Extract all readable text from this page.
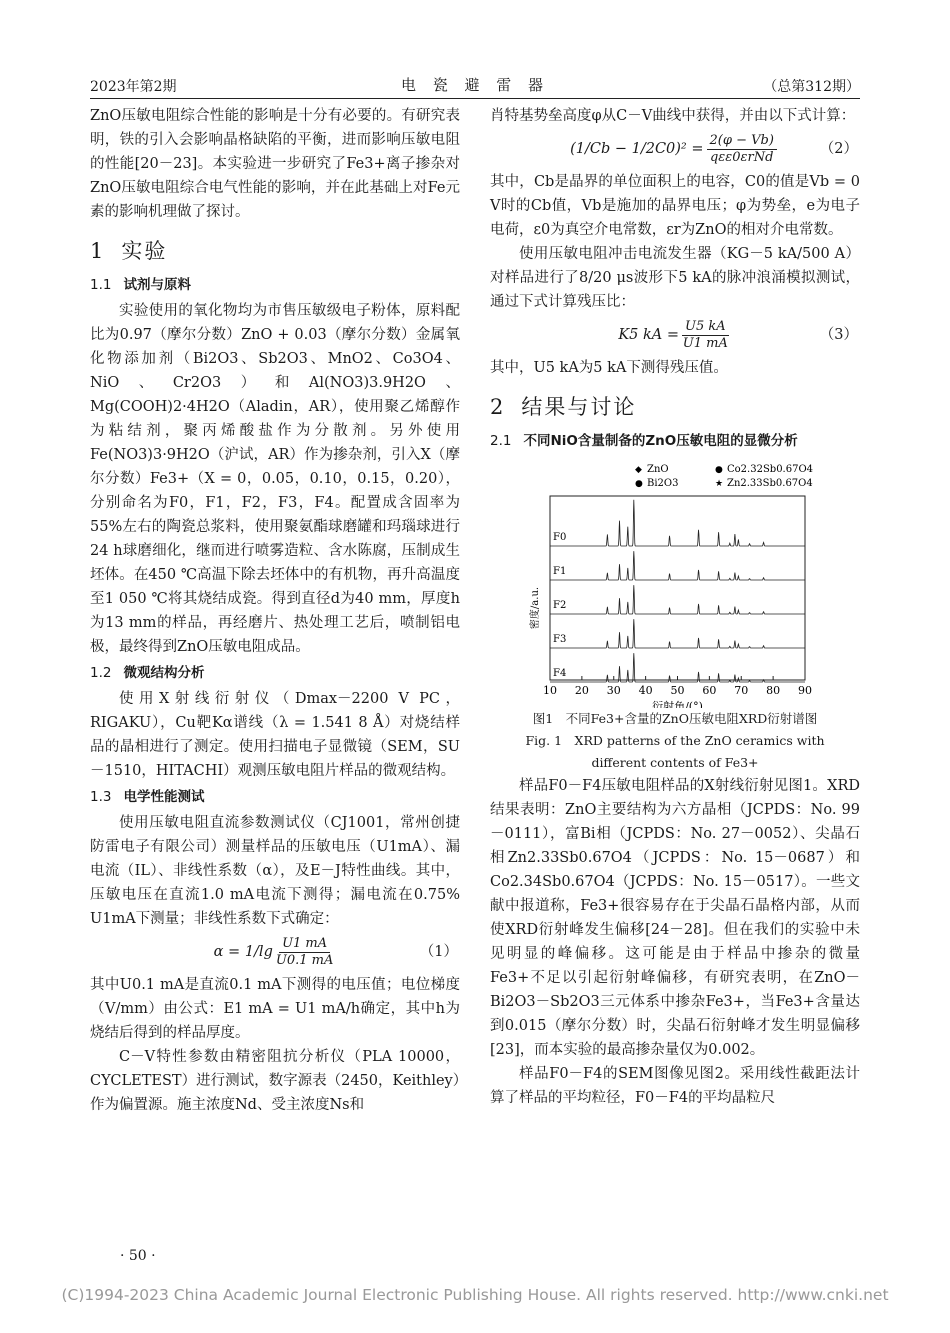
2023年第2期	电 瓷 避 雷 器	（总第312期）

ZnO压敏电阻综合性能的影响是十分有必要的。有研究表明，铁的引入会影响晶格缺陷的平衡，进而影响压敏电阻的性能[20－23]。本实验进一步研究了Fe3+离子掺杂对ZnO压敏电阻综合电气性能的影响，并在此基础上对Fe元素的影响机理做了探讨。

1 实验
1.1 试剂与原料

实验使用的氧化物均为市售压敏级电子粉体，原料配比为0.97（摩尔分数）ZnO + 0.03（摩尔分数）金属氧化物添加剂（Bi2O3、Sb2O3、MnO2、Co3O4、NiO、Cr2O3）和Al(NO3)3.9H2O、Mg(COOH)2·4H2O（Aladin，AR），使用聚乙烯醇作为粘结剂，聚丙烯酸盐作为分散剂。另外使用Fe(NO3)3·9H2O（沪试，AR）作为掺杂剂，引入X（摩尔分数）Fe3+（X = 0，0.05，0.10，0.15，0.20），分别命名为F0，F1，F2，F3，F4。配置成含固率为55%左右的陶瓷总浆料，使用聚氨酯球磨罐和玛瑙球进行24 h球磨细化，继而进行喷雾造粒、含水陈腐，压制成生坯体。在450 ℃高温下除去坯体中的有机物，再升高温度至1 050 ℃将其烧结成瓷。得到直径d为40 mm，厚度h为13 mm的样品，再经磨片、热处理工艺后，喷制铝电极，最终得到ZnO压敏电阻成品。

1.2 微观结构分析

使用X射线衍射仪（Dmax－2200 V PC，RIGAKU），Cu靶Kα谱线（λ = 1.541 8 Å）对烧结样品的晶相进行了测定。使用扫描电子显微镜（SEM，SU－1510，HITACHI）观测压敏电阻片样品的微观结构。

1.3 电学性能测试

使用压敏电阻直流参数测试仪（CJ1001，常州创捷防雷电子有限公司）测量样品的压敏电压（U1mA）、漏电流（IL）、非线性系数（α），及E－J特性曲线。其中，压敏电压在直流1.0 mA电流下测得；漏电流在0.75% U1mA下测量；非线性系数下式确定：

$\alpha = 1/\lg \frac{U1 mA}{U0.1 mA}$	（1）

其中U0.1 mA是直流0.1 mA下测得的电压值；电位梯度（V/mm）由公式：E1 mA = U1 mA/h确定，其中h为烧结后得到的样品厚度。

C－V特性参数由精密阻抗分析仪（PLA 10000，CYCLETEST）进行测试，数字源表（2450，Keithley）作为偏置源。施主浓度Nd、受主浓度Ns和

肖特基势垒高度φ从C－V曲线中获得，并由以下式计算：

$(1/Cb - 1/2C0)^2 = \frac{2(\varphi - Vb)}{\text{qεε0εrNd}}$	（2）

其中，Cb是晶界的单位面积上的电容，C0的值是Vb = 0 V时的Cb值，Vb是施加的晶界电压；φ为势垒，e为电子电荷，ε0为真空介电常数，εr为ZnO的相对介电常数。

使用压敏电阻冲击电流发生器（KG－5 kA/500 A）对样品进行了8/20 μs波形下5 kA的脉冲浪涌模拟测试，通过下式计算残压比：

K5 kA = $\frac{U5 kA}{U1 mA}$	（3）

其中，U5 kA为5 kA下测得残压值。

2 结果与讨论
2.1 不同NiO含量制备的ZnO压敏电阻的显微分析
10 20 30 40 50 60 70 80 90
衍射角/(°)
密度/a.u.
F0
F1
F2
F3
F4
◆ ZnO	● Co2.32Sb0.67O4
● Bi2O3	★ Zn2.33Sb0.67O4
图1　不同Fe3+含量的ZnO压敏电阻XRD衍射谱图
Fig. 1　XRD patterns of the ZnO ceramics with
different contents of Fe3+

样品F0－F4压敏电阻样品的X射线衍射见图1。XRD结果表明：ZnO主要结构为六方晶相（JCPDS：No. 99－0111），富Bi相（JCPDS：No. 27－0052）、尖晶石相Zn2.33Sb0.67O4（JCPDS：No. 15－0687）和Co2.34Sb0.67O4（JCPDS：No. 15－0517）。一些文献中报道称，Fe3+很容易存在于尖晶石晶格内部，从而使XRD衍射峰发生偏移[24－28]。但在我们的实验中未见明显的峰偏移。这可能是由于样品中掺杂的微量Fe3+不足以引起衍射峰偏移，有研究表明，在ZnO－Bi2O3－Sb2O3三元体系中掺杂Fe3+，当Fe3+含量达到0.015（摩尔分数）时，尖晶石衍射峰才发生明显偏移[23]，而本实验的最高掺杂量仅为0.002。

样品F0－F4的SEM图像见图2。采用线性截距法计算了样品的平均粒径，F0－F4的平均晶粒尺

· 50 ·
(C)1994-2023 China Academic Journal Electronic Publishing House. All rights reserved. http://www.cnki.net
